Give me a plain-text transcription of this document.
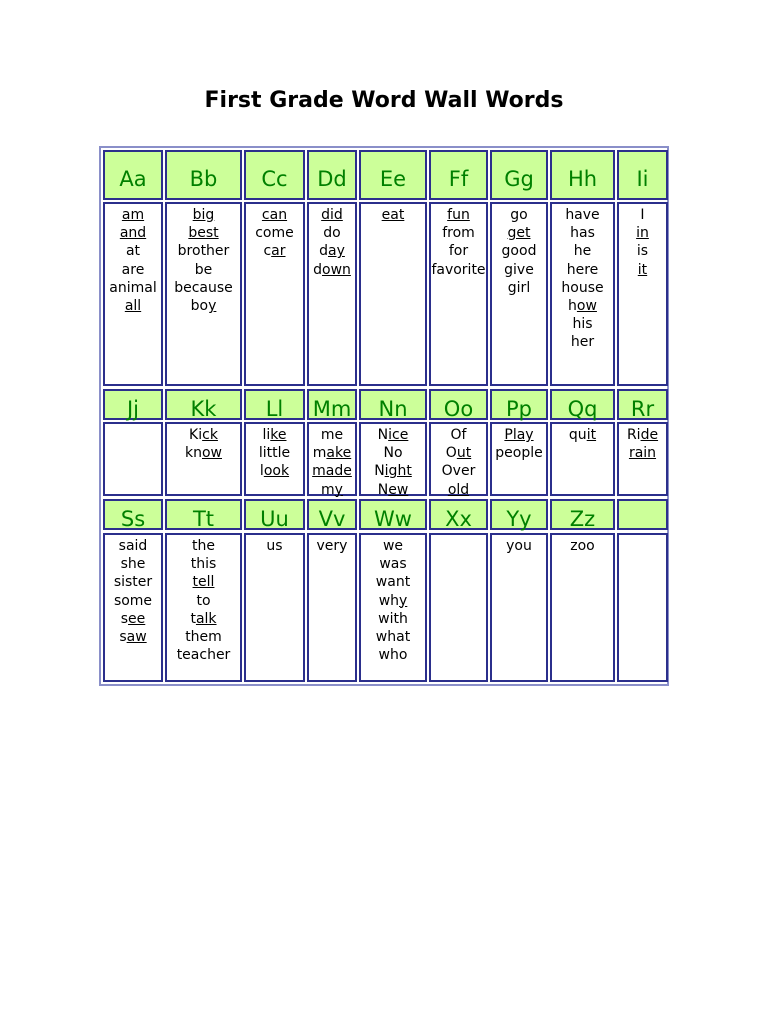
First Grade Word Wall Words
Aa
am
and
at
are
animal
all
Bb
big
best
brother
be
because
boy
Cc
can
come
car
Dd
did
do
day
down
Ee
eat
Ff
fun
from
for
favorite
Gg
go
get
good
give
girl
Hh
have
has
he
here
house
how
his
her
Ii
I
in
is
it
Jj Kk
Kick
know
Ll
like
little
look
Mm
me
make
made
my
Nn
Nice
No
Night
New
Oo
Of
Out
Over
old
Pp
Play
people
Qq
quit
Rr
Ride
rain
Ss
said
she
sister
some
see
saw
Tt
the
this
tell
to
talk
them
teacher
Uu
us
Vv
very
Ww
we
was
want
why
with
what
who
Xx Yy
you
Zz
zoo
